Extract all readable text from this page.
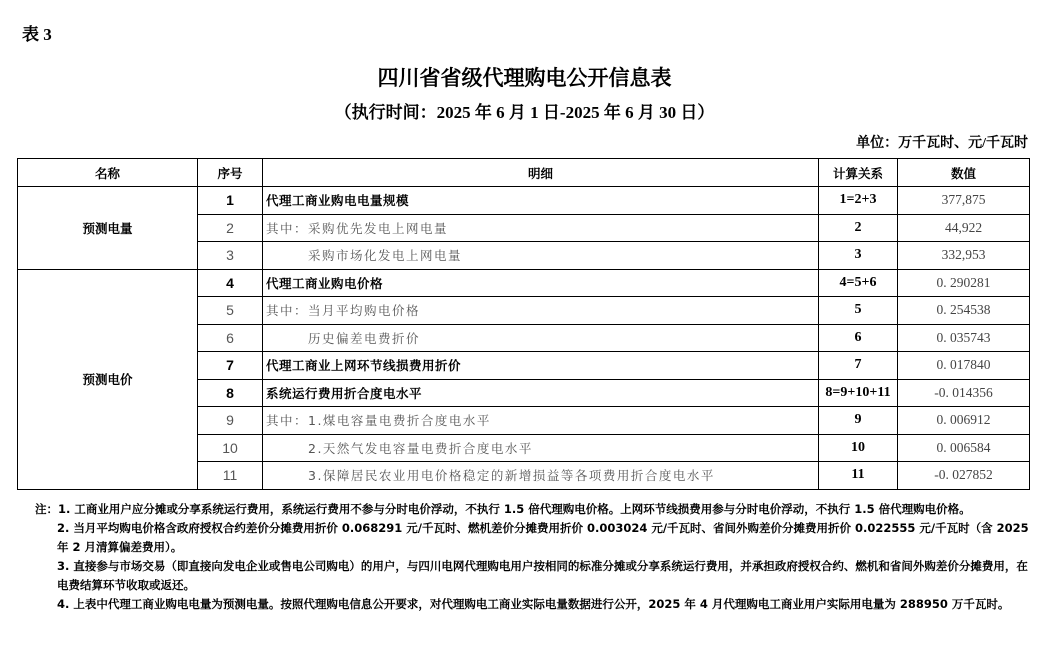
表 3
四川省省级代理购电公开信息表
（执行时间：2025 年 6 月 1 日-2025 年 6 月 30 日）
单位：万千瓦时、元/千瓦时
名称	序号	明细	计算关系	数值
预测电量	1	代理工商业购电电量规模	1=2+3	377,875
	2	其中：采购优先发电上网电量	2	44,922
	3	　　　采购市场化发电上网电量	3	332,953
预测电价	4	代理工商业购电价格	4=5+6	0. 290281
	5	其中：当月平均购电价格	5	0. 254538
	6	　　　历史偏差电费折价	6	0. 035743
	7	代理工商业上网环节线损费用折价	7	0. 017840
	8	系统运行费用折合度电水平	8=9+10+11	-0. 014356
	9	其中：1.煤电容量电费折合度电水平	9	0. 006912
	10	　　　2.天然气发电容量电费折合度电水平	10	0. 006584
	11	　　　3.保障居民农业用电价格稳定的新增损益等各项费用折合度电水平	11	-0. 027852

注：1. 工商业用户应分摊或分享系统运行费用，系统运行费用不参与分时电价浮动，不执行 1.5 倍代理购电价格。上网环节线损费用参与分时电价浮动，不执行 1.5 倍代理购电价格。

2. 当月平均购电价格含政府授权合约差价分摊费用折价 0.068291 元/千瓦时、燃机差价分摊费用折价 0.003024 元/千瓦时、省间外购差价分摊费用折价 0.022555 元/千瓦时（含 2025 年 2 月清算偏差费用）。

3. 直接参与市场交易（即直接向发电企业或售电公司购电）的用户，与四川电网代理购电用户按相同的标准分摊或分享系统运行费用，并承担政府授权合约、燃机和省间外购差价分摊费用，在电费结算环节收取或返还。

4. 上表中代理工商业购电电量为预测电量。按照代理购电信息公开要求，对代理购电工商业实际电量数据进行公开，2025 年 4 月代理购电工商业用户实际用电量为 288950 万千瓦时。
